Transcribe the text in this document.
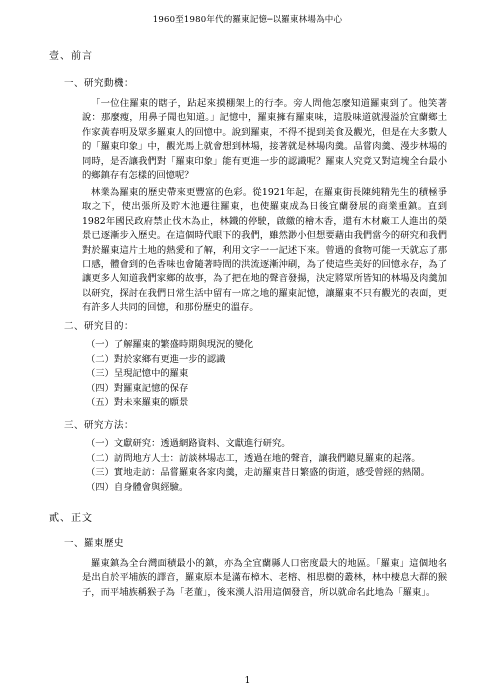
1960至1980年代的羅東記憶─以羅東林場為中心
壹、前言
一、研究動機：

「一位住羅東的瞎子，跕起來摸棚架上的行李。旁人問他怎麼知道羅東到了。他笑著說：那麼瘦，用鼻子聞也知道。」記憶中，羅東擁有羅東味，這股味道就漫溢於宜蘭鄉土作家黃春明及眾多羅東人的回憶中。說到羅東，不得不提到美食及觀光，但是在大多數人的「羅東印象」中，觀光馬上就會想到林場，接著就是林場肉羹。品嘗肉羹、漫步林場的同時，是否讓我們對「羅東印象」能有更進一步的認識呢？羅東人究竟又對這塊全台最小的鄉鎮存有怎樣的回憶呢？

林業為羅東的歷史帶來更豐富的色彩。從1921年起，在羅東街長陳純精先生的積極爭取之下，使出張所及貯木池遷往羅東，也使羅東成為日後宜蘭發展的商業重鎮。直到1982年國民政府禁止伐木為止，林鐵的停駛，啟繳的檜木香，還有木材廠工人進出的榮景已逐漸步入歷史。在這個時代眼下的我們，雖然渺小但想要藉由我們當今的研究和我們對於羅東這片土地的熱愛和了解，利用文字一一記述下來。曾過的食物可能一天就忘了那口感，體會到的色香味也會隨著時間的洪流逐漸沖刷，為了使這些美好的回憶永存，為了讓更多人知道我們家鄉的故事，為了把在地的聲音發揚，決定將眾所皆知的林場及肉羹加以研究，探討在我們日常生活中留有一席之地的羅東記憶，讓羅東不只有觀光的表面，更有許多人共同的回憶，和那份歷史的溫存。

二、研究目的：
（一）了解羅東的繁盛時期與現況的變化
（二）對於家鄉有更進一步的認識
（三）呈現記憶中的羅東
（四）對羅東記憶的保存
（五）對未來羅東的願景
三、研究方法：
（一）文獻研究：透過網路資料、文獻進行研究。
（二）訪問地方人士：訪談林場志工，透過在地的聲音，讓我們聽見羅東的起落。
（三）實地走訪：品嘗羅東各家肉羹，走訪羅東昔日繁盛的街道，感受曾經的熱鬧。
（四）自身體會與經驗。
貳、正文
一、羅東歷史

羅東鎮為全台灣面積最小的鎮，亦為全宜蘭縣人口密度最大的地區。「羅東」這個地名是出自於平埔族的譯音，羅東原本是滿布樟木、老榕、相思樹的叢林，林中棲息大群的猴子，而平埔族稱猴子為「老董」，後來漢人沿用這個發音，所以就命名此地為「羅東」。

1
